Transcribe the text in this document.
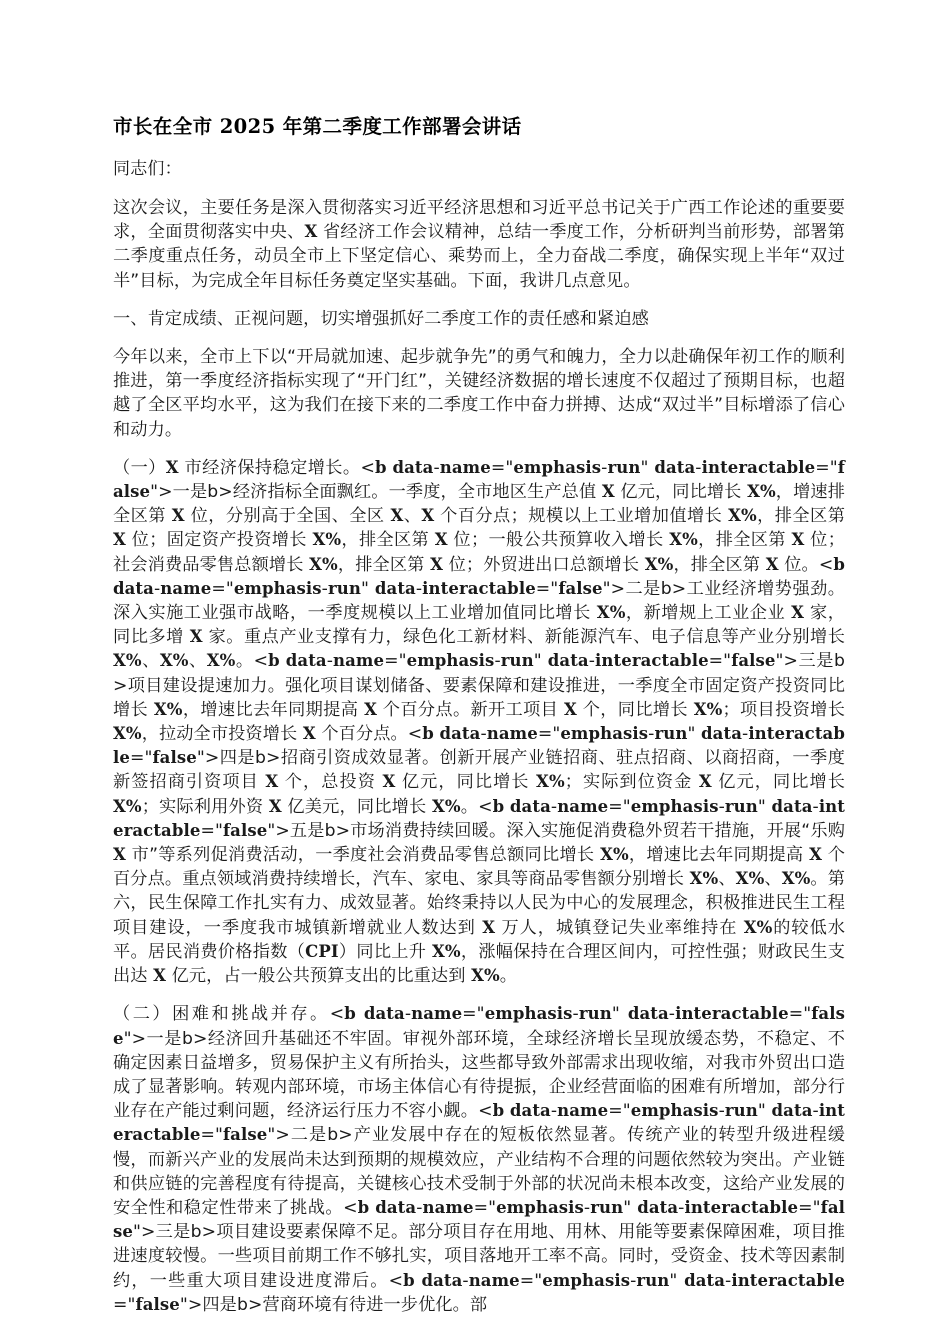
市长在全市 2025 年第二季度工作部署会讲话

同志们：

这次会议，主要任务是深入贯彻落实习近平经济思想和习近平总书记关于广西工作论述的重要要求，全面贯彻落实中央、X 省经济工作会议精神，总结一季度工作，分析研判当前形势，部署第二季度重点任务，动员全市上下坚定信心、乘势而上，全力奋战二季度，确保实现上半年“双过半”目标，为完成全年目标任务奠定坚实基础。下面，我讲几点意见。

一、肯定成绩、正视问题，切实增强抓好二季度工作的责任感和紧迫感

今年以来，全市上下以“开局就加速、起步就争先”的勇气和魄力，全力以赴确保年初工作的顺利推进，第一季度经济指标实现了“开门红”，关键经济数据的增长速度不仅超过了预期目标，也超越了全区平均水平，这为我们在接下来的二季度工作中奋力拼搏、达成“双过半”目标增添了信心和动力。

（一）X 市经济保持稳定增长。<b data-name="emphasis-run" data-interactable="false">一是b>经济指标全面飘红。一季度，全市地区生产总值 X 亿元，同比增长 X%，增速排全区第 X 位，分别高于全国、全区 X、X 个百分点；规模以上工业增加值增长 X%，排全区第 X 位；固定资产投资增长 X%，排全区第 X 位；一般公共预算收入增长 X%，排全区第 X 位；社会消费品零售总额增长 X%，排全区第 X 位；外贸进出口总额增长 X%，排全区第 X 位。<b data-name="emphasis-run" data-interactable="false">二是b>工业经济增势强劲。深入实施工业强市战略，一季度规模以上工业增加值同比增长 X%，新增规上工业企业 X 家，同比多增 X 家。重点产业支撑有力，绿色化工新材料、新能源汽车、电子信息等产业分别增长 X%、X%、X%。<b data-name="emphasis-run" data-interactable="false">三是b>项目建设提速加力。强化项目谋划储备、要素保障和建设推进，一季度全市固定资产投资同比增长 X%，增速比去年同期提高 X 个百分点。新开工项目 X 个，同比增长 X%；项目投资增长 X%，拉动全市投资增长 X 个百分点。<b data-name="emphasis-run" data-interactable="false">四是b>招商引资成效显著。创新开展产业链招商、驻点招商、以商招商，一季度新签招商引资项目 X 个，总投资 X 亿元，同比增长 X%；实际到位资金 X 亿元，同比增长 X%；实际利用外资 X 亿美元，同比增长 X%。<b data-name="emphasis-run" data-interactable="false">五是b>市场消费持续回暖。深入实施促消费稳外贸若干措施，开展“乐购 X 市”等系列促消费活动，一季度社会消费品零售总额同比增长 X%，增速比去年同期提高 X 个百分点。重点领域消费持续增长，汽车、家电、家具等商品零售额分别增长 X%、X%、X%。第六，民生保障工作扎实有力、成效显著。始终秉持以人民为中心的发展理念，积极推进民生工程项目建设，一季度我市城镇新增就业人数达到 X 万人，城镇登记失业率维持在 X%的较低水平。居民消费价格指数（CPI）同比上升 X%，涨幅保持在合理区间内，可控性强；财政民生支出达 X 亿元，占一般公共预算支出的比重达到 X%。

（二）困难和挑战并存。<b data-name="emphasis-run" data-interactable="false">一是b>经济回升基础还不牢固。审视外部环境，全球经济增长呈现放缓态势，不稳定、不确定因素日益增多，贸易保护主义有所抬头，这些都导致外部需求出现收缩，对我市外贸出口造成了显著影响。转观内部环境，市场主体信心有待提振，企业经营面临的困难有所增加，部分行业存在产能过剩问题，经济运行压力不容小觑。<b data-name="emphasis-run" data-interactable="false">二是b>产业发展中存在的短板依然显著。传统产业的转型升级进程缓慢，而新兴产业的发展尚未达到预期的规模效应，产业结构不合理的问题依然较为突出。产业链和供应链的完善程度有待提高，关键核心技术受制于外部的状况尚未根本改变，这给产业发展的安全性和稳定性带来了挑战。<b data-name="emphasis-run" data-interactable="false">三是b>项目建设要素保障不足。部分项目存在用地、用林、用能等要素保障困难，项目推进速度较慢。一些项目前期工作不够扎实，项目落地开工率不高。同时，受资金、技术等因素制约，一些重大项目建设进度滞后。<b data-name="emphasis-run" data-interactable="false">四是b>营商环境有待进一步优化。部
